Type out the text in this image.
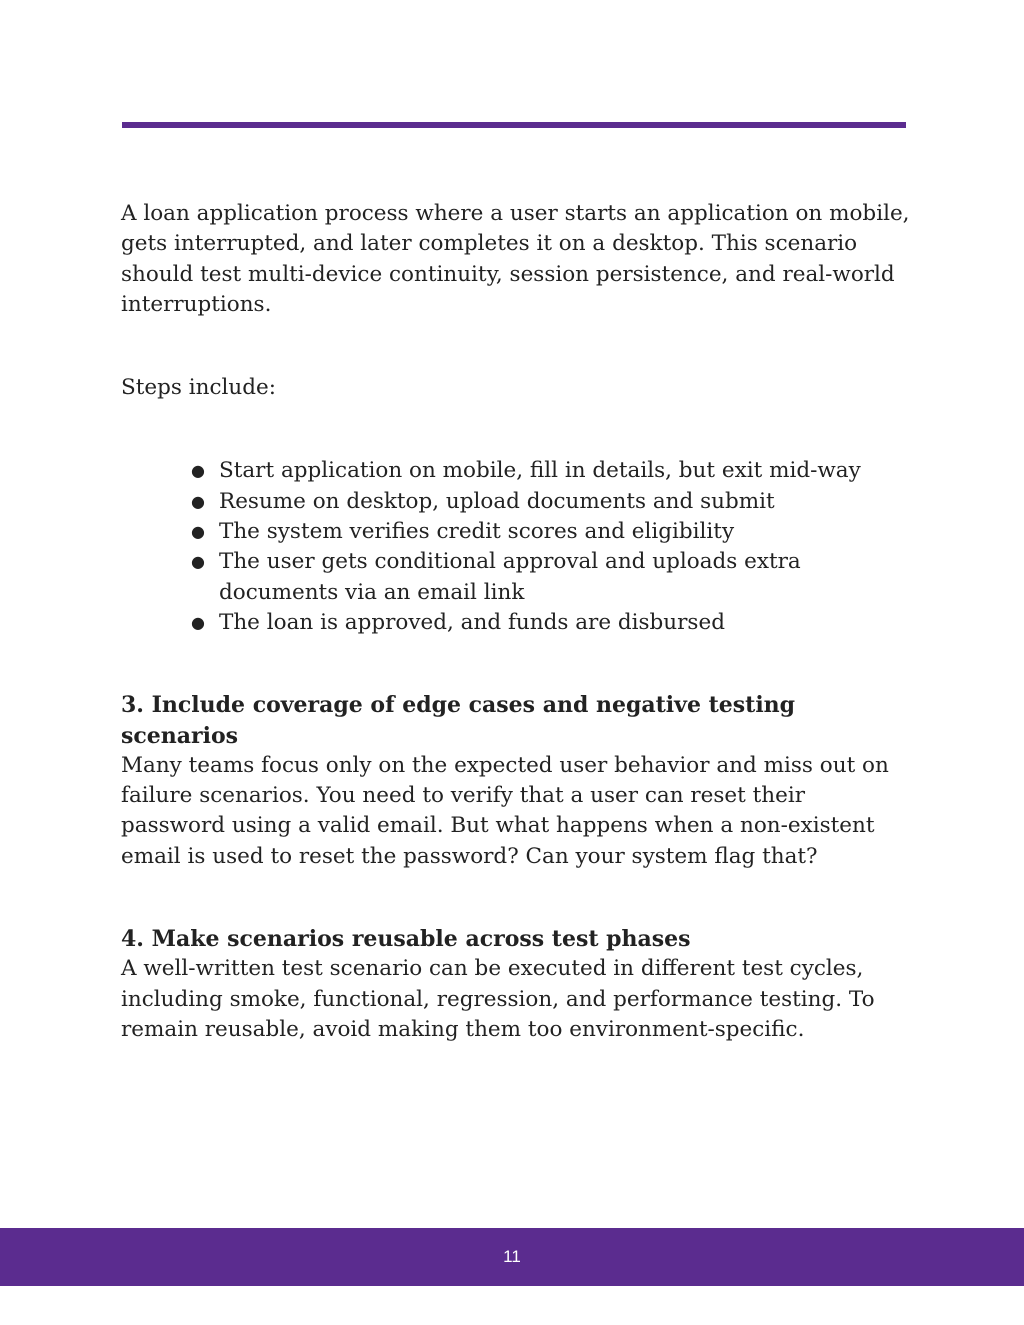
A loan application process where a user starts an application on mobile, gets interrupted, and later completes it on a desktop. This scenario should test multi-device continuity, session persistence, and real-world interruptions.

Steps include:

● Start application on mobile, fill in details, but exit mid-way
● Resume on desktop, upload documents and submit
● The system verifies credit scores and eligibility
● The user gets conditional approval and uploads extra documents via an email link
● The loan is approved, and funds are disbursed
3. Include coverage of edge cases and negative testing scenarios

Many teams focus only on the expected user behavior and miss out on failure scenarios. You need to verify that a user can reset their password using a valid email. But what happens when a non-existent email is used to reset the password? Can your system flag that?

4. Make scenarios reusable across test phases

A well-written test scenario can be executed in different test cycles, including smoke, functional, regression, and performance testing. To remain reusable, avoid making them too environment-specific.

11
